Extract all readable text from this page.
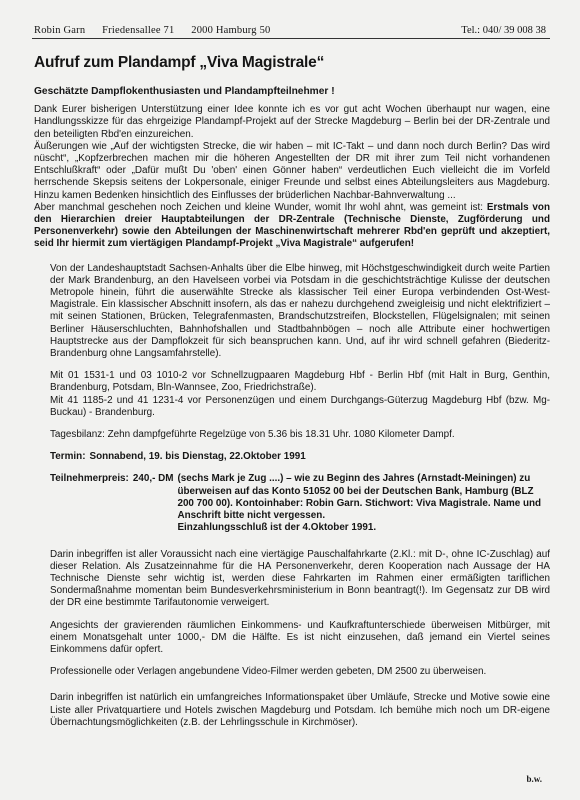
Robin Garn Friedensallee 71 2000 Hamburg 50	Tel.: 040/ 39 008 38
Aufruf zum Plandampf „Viva Magistrale“

Geschätzte Dampflokenthusiasten und Plandampfteilnehmer !

Dank Eurer bisherigen Unterstützung einer Idee konnte ich es vor gut acht Wochen überhaupt nur wagen, eine Handlungsskizze für das ehrgeizige Plandampf-Projekt auf der Strecke Magdeburg – Berlin bei der DR-Zentrale und den beteiligten Rbd'en einzureichen.

Äußerungen wie „Auf der wichtigsten Strecke, die wir haben – mit IC-Takt – und dann noch durch Berlin? Das wird nüscht“, „Kopfzerbrechen machen mir die höheren Angestellten der DR mit ihrer zum Teil nicht vorhandenen Entschlußkraft“ oder „Dafür mußt Du 'oben' einen Gönner haben“ verdeutlichen Euch vielleicht die im Vorfeld herrschende Skepsis seitens der Lokpersonale, einiger Freunde und selbst eines Abteilungsleiters aus Magdeburg. Hinzu kamen Bedenken hinsichtlich des Einflusses der brüderlichen Nachbar-Bahnverwaltung ...

Aber manchmal geschehen noch Zeichen und kleine Wunder, womit Ihr wohl ahnt, was gemeint ist: Erstmals von den Hierarchien dreier Hauptabteilungen der DR-Zentrale (Technische Dienste, Zugförderung und Personenverkehr) sowie den Abteilungen der Maschinenwirtschaft mehrerer Rbd'en geprüft und akzeptiert, seid Ihr hiermit zum viertägigen Plandampf-Projekt „Viva Magistrale“ aufgerufen!

Von der Landeshauptstadt Sachsen-Anhalts über die Elbe hinweg, mit Höchstgeschwindigkeit durch weite Partien der Mark Brandenburg, an den Havelseen vorbei via Potsdam in die geschichtsträchtige Kulisse der deutschen Metropole hinein, führt die auserwählte Strecke als klassischer Teil einer Europa verbindenden Ost-West-Magistrale. Ein klassischer Abschnitt insofern, als das er nahezu durchgehend zweigleisig und nicht elektrifiziert – mit seinen Stationen, Brücken, Telegrafenmasten, Brandschutzstreifen, Blockstellen, Flügelsignalen; mit seinen Berliner Häuserschluchten, Bahnhofshallen und Stadtbahnbögen – noch alle Attribute einer hochwertigen Hauptstrecke aus der Dampflokzeit für sich beanspruchen kann. Und, auf ihr wird schnell gefahren (Biederitz-Brandenburg ohne Langsamfahrstelle).

Mit 01 1531-1 und 03 1010-2 vor Schnellzugpaaren Magdeburg Hbf - Berlin Hbf (mit Halt in Burg, Genthin, Brandenburg, Potsdam, Bln-Wannsee, Zoo, Friedrichstraße).

Mit 41 1185-2 und 41 1231-4 vor Personenzügen und einem Durchgangs-Güterzug Magdeburg Hbf (bzw. Mg-Buckau) - Brandenburg.

Tagesbilanz: Zehn dampfgeführte Regelzüge von 5.36 bis 18.31 Uhr. 1080 Kilometer Dampf.

Termin: Sonnabend, 19. bis Dienstag, 22.Oktober 1991
Teilnehmerpreis: 240,- DM (sechs Mark je Zug ....) – wie zu Beginn des Jahres (Arnstadt-Meiningen) zu überweisen auf das Konto 51052 00 bei der Deutschen Bank, Hamburg (BLZ 200 700 00). Kontoinhaber: Robin Garn. Stichwort: Viva Magistrale. Name und Anschrift bitte nicht vergessen.
Einzahlungsschluß ist der 4.Oktober 1991.

Darin inbegriffen ist aller Voraussicht nach eine viertägige Pauschalfahrkarte (2.Kl.: mit D-, ohne IC-Zuschlag) auf dieser Relation. Als Zusatzeinnahme für die HA Personenverkehr, deren Kooperation nach Aussage der HA Technische Dienste sehr wichtig ist, werden diese Fahrkarten im Rahmen einer ermäßigten tariflichen Sondermaßnahme momentan beim Bundesverkehrsministerium in Bonn beantragt(!). Im Gegensatz zur DB wird der DR eine bestimmte Tarifautonomie verweigert.

Angesichts der gravierenden räumlichen Einkommens- und Kaufkraftunterschiede überweisen Mitbürger, mit einem Monatsgehalt unter 1000,- DM die Hälfte. Es ist nicht einzusehen, daß jemand ein Viertel seines Einkommens dafür opfert.

Professionelle oder Verlagen angebundene Video-Filmer werden gebeten, DM 2500 zu überweisen.

Darin inbegriffen ist natürlich ein umfangreiches Informationspaket über Umläufe, Strecke und Motive sowie eine Liste aller Privatquartiere und Hotels zwischen Magdeburg und Potsdam. Ich bemühe mich noch um DR-eigene Übernachtungsmöglichkeiten (z.B. der Lehrlingsschule in Kirchmöser).

b.w.
